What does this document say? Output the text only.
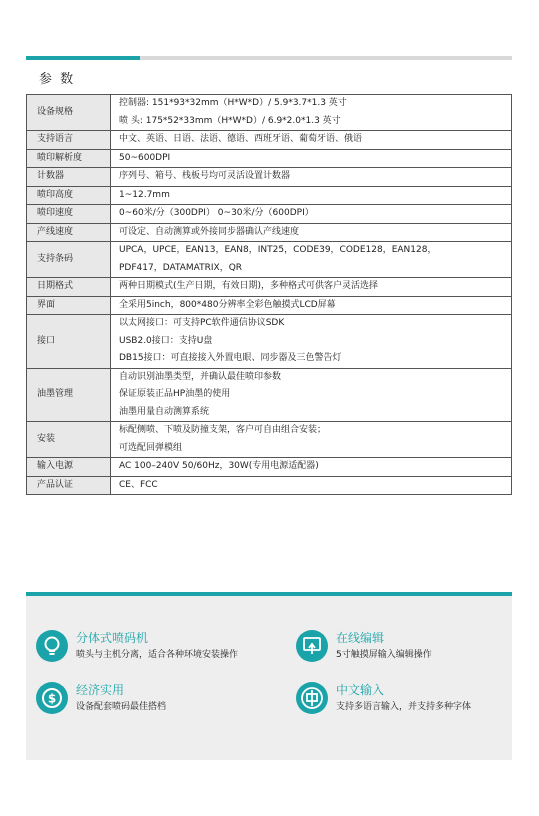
参 数
设备规格	控制器: 151*93*32mm（H*W*D）/ 5.9*3.7*1.3 英寸
喷 头: 175*52*33mm（H*W*D）/ 6.9*2.0*1.3 英寸

支持语言	中文、英语、日语、法语、德语、西班牙语、葡萄牙语、俄语

喷印解析度	50~600DPI

计数器	序列号、箱号、栈板号均可灵活设置计数器

喷印高度	1~12.7mm

喷印速度	0~60米/分（300DPI） 0~30米/分（600DPI）

产线速度	可设定、自动测算或外接同步器确认产线速度

支持条码	UPCA，UPCE，EAN13，EAN8，INT25，CODE39，CODE128，EAN128，
PDF417，DATAMATRIX，QR

日期格式	两种日期模式(生产日期，有效日期)，多种格式可供客户灵活选择

界面	全采用5inch，800*480分辨率全彩色触摸式LCD屏幕

接口	以太网接口：可支持PC软件通信协议SDK
USB2.0接口：支持U盘
DB15接口：可直接接入外置电眼、同步器及三色警告灯

油墨管理	自动识别油墨类型，并确认最佳喷印参数
保证原装正品HP油墨的使用
油墨用量自动测算系统

安装	标配侧喷、下喷及防撞支架，客户可自由组合安装；
可选配回弹模组

输入电源	AC 100–240V 50/60Hz，30W(专用电源适配器)

产品认证	CE、FCC
分体式喷码机
喷头与主机分离，适合各种环境安装操作
在线编辑
5寸触摸屏输入编辑操作
$
经济实用
设备配套喷码最佳搭档
中文输入
支持多语言输入，并支持多种字体
